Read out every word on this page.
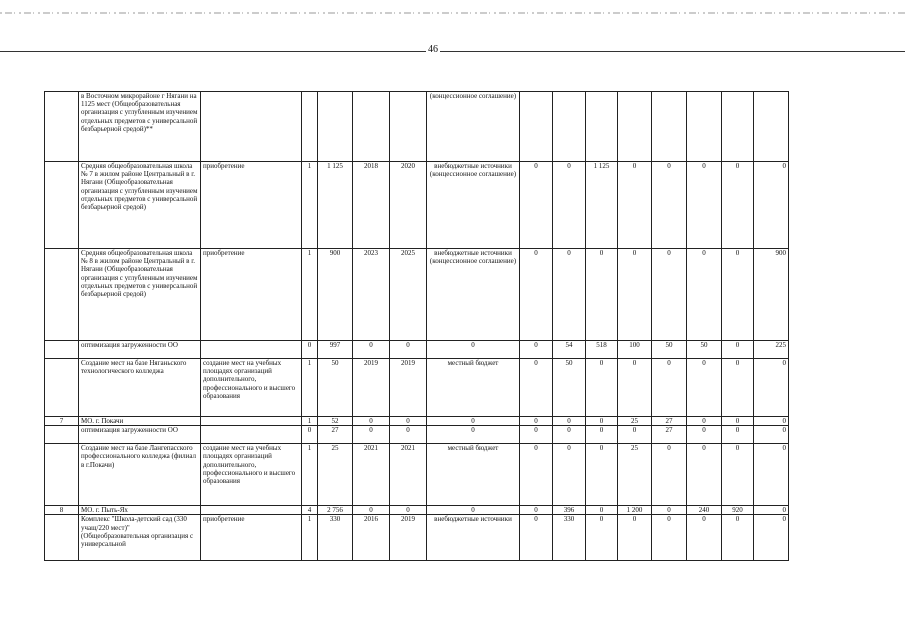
46
	в Восточном микрорайоне г Нягани на 1125 мест (Общеобразовательная организация с углубленным изучением отдельных предметов с универсальной безбарьерной средой)**						(концессионное соглашение)								
	Средняя общеобразовательная школа № 7 в жилом районе Центральный в г. Нягани (Общеобразовательная организация с углубленным изучением отдельных предметов с универсальной безбарьерной средой)	приобретение	1	1 125	2018	2020	внебюджетные источники (концессионное соглашение)	0	0	1 125	0	0	0	0	0
	Средняя общеобразовательная школа № 8 в жилом районе Центральный в г. Нягани (Общеобразовательная организация с углубленным изучением отдельных предметов с универсальной безбарьерной средой)	приобретение	1	900	2023	2025	внебюджетные источники (концессионное соглашение)	0	0	0	0	0	0	0	900
	оптимизация загруженности ОО		0	997	0	0	0	0	54	518	100	50	50	0	225
	Создание мест на базе Няганьского технологического колледжа	создание мест на учебных площадях организаций дополнительного, профессионального и высшего образования	1	50	2019	2019	местный бюджет	0	50	0	0	0	0	0	0
7	МО. г. Покачи		1	52	0	0	0	0	0	0	25	27	0	0	0
	оптимизация загруженности ОО		0	27	0	0	0	0	0	0	0	27	0	0	0
	Создание мест на базе Лангепасского профессионального колледжа (филиал в г.Покачи)	создание мест на учебных площадях организаций дополнительного, профессионального и высшего образования	1	25	2021	2021	местный бюджет	0	0	0	25	0	0	0	0
8	МО. г. Пыть-Ях		4	2 756	0	0	0	0	396	0	1 200	0	240	920	0
	Комплекс "Школа-детский сад (330 учащ/220 мест)" (Общеобразовательная организация с универсальной	приобретение	1	330	2016	2019	внебюджетные источники	0	330	0	0	0	0	0	0
